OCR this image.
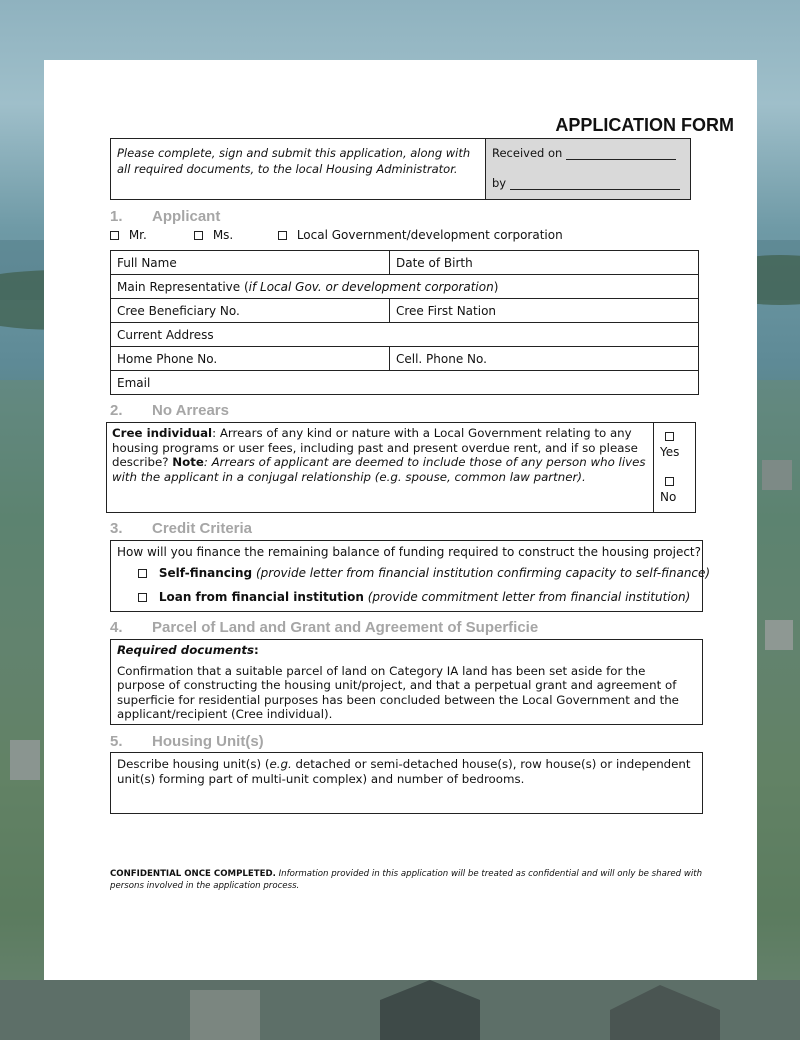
APPLICATION FORM
Please complete, sign and submit this application, along with all required documents, to the local Housing Administrator.
Received on
by
1. Applicant
Mr.	Ms.	Local Government/development corporation
Full Name	Date of Birth
Main Representative (if Local Gov. or development corporation)	
Cree Beneficiary No.	Cree First Nation
Current Address	
Home Phone No.	Cell. Phone No.
Email	
2. No Arrears
Cree individual: Arrears of any kind or nature with a Local Government relating to any housing programs or user fees, including past and present overdue rent, and if so please describe? Note: Arrears of applicant are deemed to include those of any person who lives with the applicant in a conjugal relationship (e.g. spouse, common law partner).
Yes
No
3. Credit Criteria
How will you finance the remaining balance of funding required to construct the housing project?
Self-financing (provide letter from financial institution confirming capacity to self-finance)
Loan from financial institution (provide commitment letter from financial institution)
4. Parcel of Land and Grant and Agreement of Superficie
Required documents:
Confirmation that a suitable parcel of land on Category IA land has been set aside for the purpose of constructing the housing unit/project, and that a perpetual grant and agreement of superficie for residential purposes has been concluded between the Local Government and the applicant/recipient (Cree individual).
5. Housing Unit(s)
Describe housing unit(s) (e.g. detached or semi-detached house(s), row house(s) or independent unit(s) forming part of multi-unit complex) and number of bedrooms.
CONFIDENTIAL ONCE COMPLETED. Information provided in this application will be treated as confidential and will only be shared with persons involved in the application process.
